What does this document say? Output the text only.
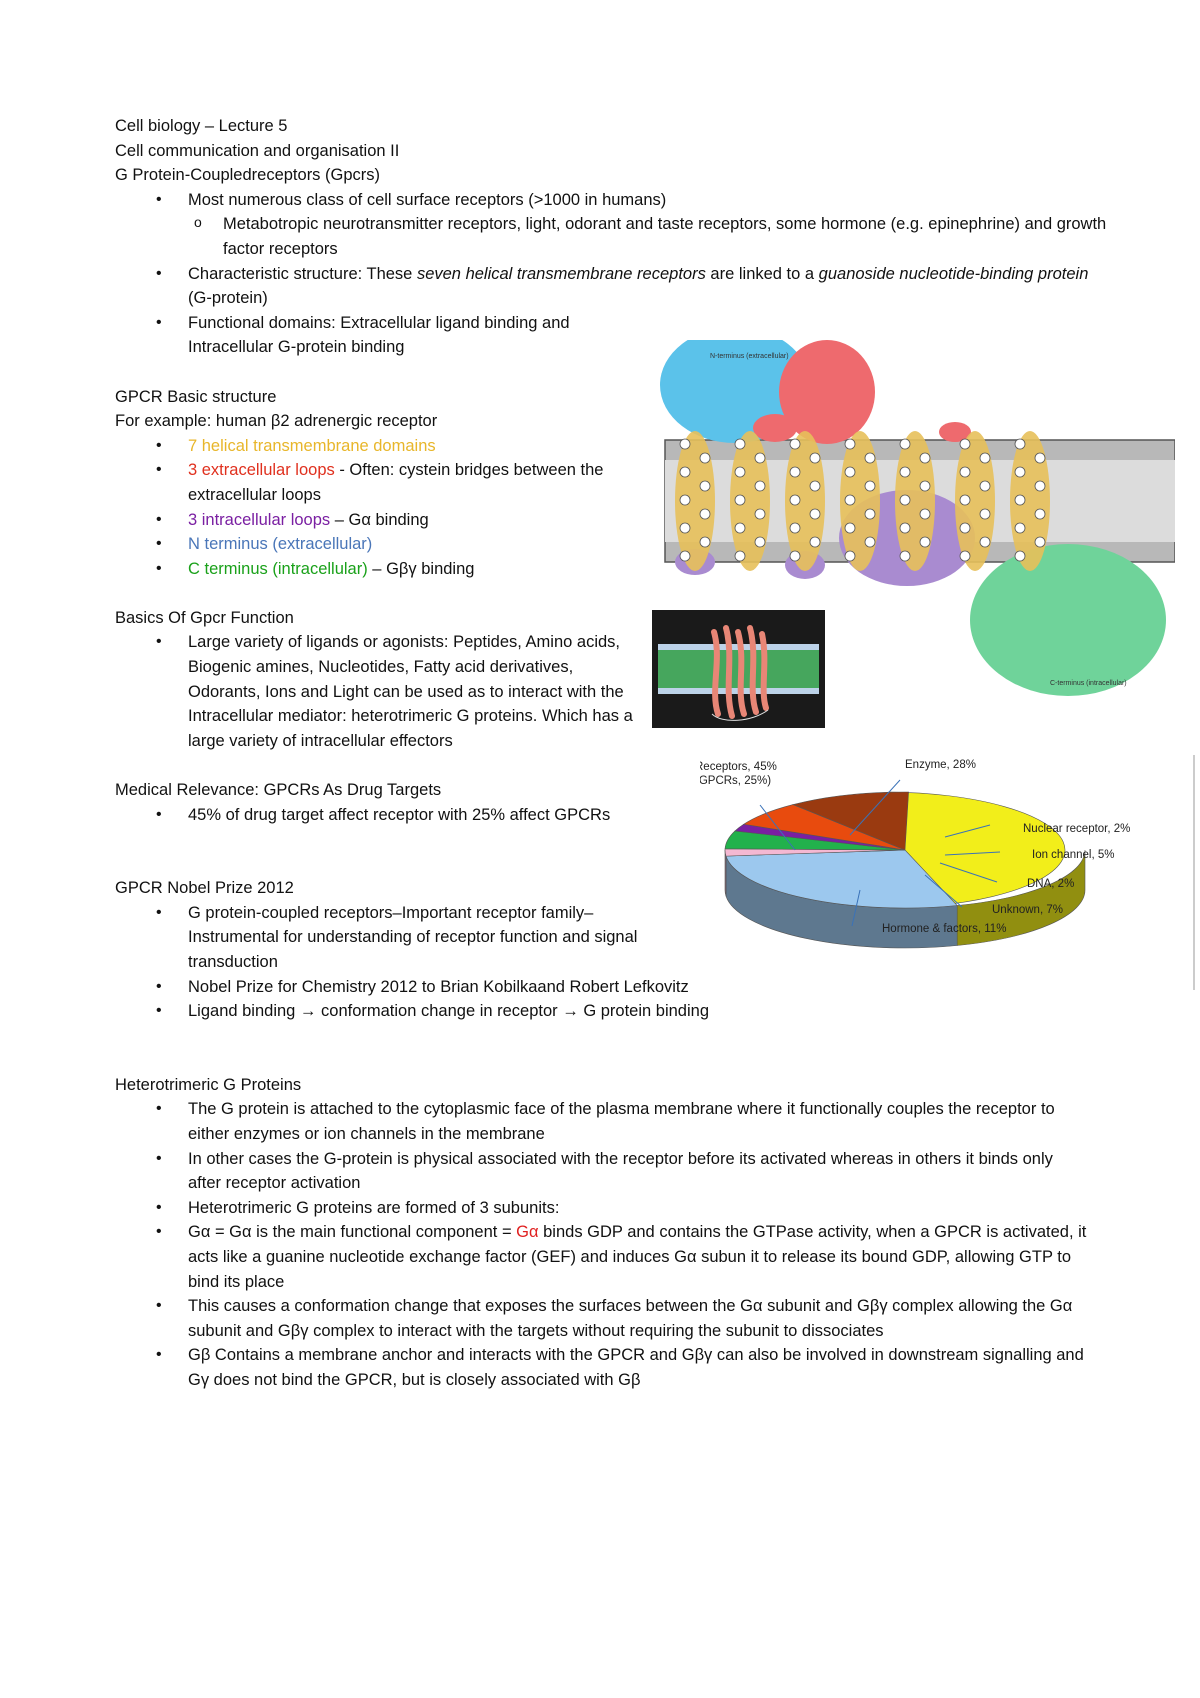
Cell biology – Lecture 5

Cell communication and organisation II

G Protein-Coupledreceptors (Gpcrs)

• Most numerous class of cell surface receptors (>1000 in humans)
o Metabotropic neurotransmitter receptors, light, odorant and taste receptors, some hormone (e.g. epinephrine) and growth factor receptors
• Characteristic structure: These seven helical transmembrane receptors are linked to a guanoside nucleotide-binding protein (G-protein)
• Functional domains: Extracellular ligand binding and Intracellular G-protein binding

GPCR Basic structure

For example: human β2 adrenergic receptor

• 7 helical transmembrane domains
• 3 extracellular loops - Often: cystein bridges between the extracellular loops
• 3 intracellular loops – Gα binding
• N terminus (extracellular)
• C terminus (intracellular) – Gβγ binding

Basics Of Gpcr Function

• Large variety of ligands or agonists: Peptides, Amino acids, Biogenic amines, Nucleotides, Fatty acid derivatives, Odorants, Ions and Light can be used as to interact with the Intracellular mediator: heterotrimeric G proteins. Which has a large variety of intracellular effectors

Medical Relevance: GPCRs As Drug Targets

• 45% of drug target affect receptor with 25% affect GPCRs

GPCR Nobel Prize 2012

• G protein-coupled receptors–Important receptor family–Instrumental for understanding of receptor function and signal transduction
• Nobel Prize for Chemistry 2012 to Brian Kobilkaand Robert Lefkovitz
• Ligand binding → conformation change in receptor → G protein binding

Heterotrimeric G Proteins

• The G protein is attached to the cytoplasmic face of the plasma membrane where it functionally couples the receptor to either enzymes or ion channels in the membrane
• In other cases the G-protein is physical associated with the receptor before its activated whereas in others it binds only after receptor activation
• Heterotrimeric G proteins are formed of 3 subunits:
• Gα = Gα is the main functional component = Gα binds GDP and contains the GTPase activity, when a GPCR is activated, it acts like a guanine nucleotide exchange factor (GEF) and induces Gα subun it to release its bound GDP, allowing GTP to bind its place
• This causes a conformation change that exposes the surfaces between the Gα subunit and Gβγ complex allowing the Gα subunit and Gβγ complex to interact with the targets without requiring the subunit to dissociates
• Gβ Contains a membrane anchor and interacts with the GPCR and Gβγ can also be involved in downstream signalling and Gγ does not bind the GPCR, but is closely associated with Gβ
N-terminus (extracellular)
C-terminus (intracellular)
Receptors, 45%
(GPCRs, 25%)
Enzyme, 28%
Nuclear receptor, 2%
Ion channel, 5%
DNA, 2%
Unknown, 7%
Hormone & factors, 11%
